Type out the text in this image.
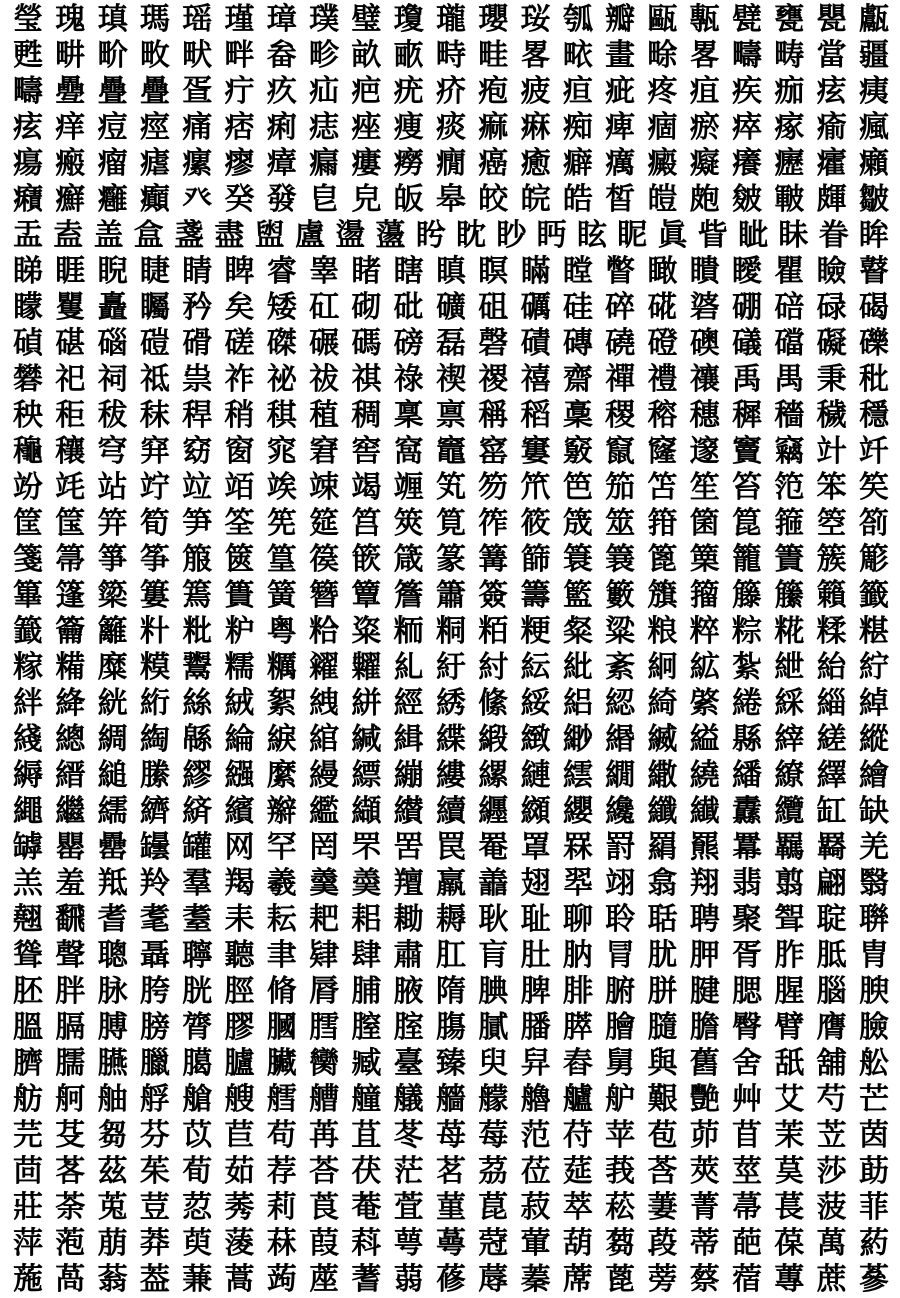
瑩 瑰 瑱 瑪 瑶 瑾 璋 璞 璧 瓊 瓏 瓔 珱 瓠 瓣 甌 甎 甓 甕 甖 甗
甦 畊 畍 畋 畎 畔 畚 畛 畝 畞 畤 畦 畧 畩 畫 畭 畧 疇 畴 當 疆
疇 疉 疊 疊 疍 疔 疚 疝 疤 疣 疥 疱 疲 疸 疵 疼 疽 疾 痂 痃 痍
痃 痒 痘 痙 痛 痞 痢 痣 痤 痩 痰 痲 痳 痴 痺 痼 瘀 瘁 瘃 瘉 瘋
瘍 瘢 瘤 瘧 瘰 瘳 瘴 瘺 瘻 癆 癇 癌 癒 癖 癘 癜 癡 癢 癧 癨 癩
癪 癬 癰 癲 癶 癸 發 皀 皃 皈 皋 皎 皖 皓 皙 皚 皰 皴 皸 皹 皺
盂 盍 盖 盒 盞 盡 盥 盧 盪 蘯 盻 眈 眇 眄 眩 眤 眞 眥 眦 眛 眷 眸
睇 睚 睨 睫 睛 睥 睿 睾 睹 瞎 瞋 瞑 瞞 瞠 瞥 瞰 瞶 瞹 瞿 瞼 瞽
矇 矍 矗 矚 矜 矣 矮 矼 砌 砒 礦 砠 礪 硅 碎 硴 碆 硼 碚 碌 碣
碵 碪 碯 磑 磆 磋 磔 碾 碼 磅 磊 磬 磧 磚 磽 磴 礇 礒 礑 礙 礫
礬 祀 祠 祗 祟 祚 祕 祓 祺 祿 禊 禝 禧 齋 禪 禮 禳 禹 禺 秉 秕
秧 秬 秡 秣 稈 稍 稘 稙 稠 稟 禀 稱 稻 稾 稷 穃 穗 穉 穡 穢 穩
龝 穰 穹 穽 窈 窗 窕 窘 窖 窩 竈 窰 窶 竅 竄 窿 邃 竇 竊 竍 竏
竕 竓 站 竚 竝 竡 竢 竦 竭 竰 笂 笏 笊 笆 笳 笘 笙 笞 笵 笨 笶
筐 筺 笄 筍 笋 筌 筅 筵 筥 筴 筧 筰 筱 筬 筮 箝 箘 箟 箍 箜 箚
箋 箒 箏 筝 箙 篋 篁 篌 篏 箴 篆 篝 篩 簑 簔 篦 篥 籠 簀 簇 簓
篳 篷 簗 簍 篶 簣 簧 簪 簟 簷 簫 簽 籌 籃 籔 籏 籀 籐 籘 籟 籤
籖 籥 籬 籵 粃 粐 粤 粭 粢 粫 粡 粨 粳 粲 粱 粮 粹 粽 糀 糅 糂
糘 糒 糜 糢 鬻 糯 糲 糴 糶 糺 紆 紂 紜 紕 紊 絅 絋 紮 紲 紿 紵
絆 絳 絖 絎 絲 絨 絮 絏 絣 經 綉 絛 綏 絽 綛 綺 綮 綣 綵 緇 綽
綫 總 綢 綯 緜 綸 綟 綰 緘 緝 緤 緞 緻 緲 緡 縅 縊 縣 縡 縒 縱
縟 縉 縋 縢 繆 繦 縻 縵 縹 繃 縷 縲 縺 繧 繝 繖 繞 繙 繚 繹 繪
繩 繼 繻 纃 緕 繽 辮 繿 纈 纉 續 纒 纐 纓 纔 纖 纎 纛 纜 缸 缺
罅 罌 罍 罎 罐 网 罕 罔 罘 罟 罠 罨 罩 罧 罸 羂 羆 羃 羈 羇 羌
羔 羞 羝 羚 羣 羯 羲 羹 羮 羶 羸 譱 翅 翆 翊 翕 翔 翡 翦 翩 翳
翹 飜 耆 耄 耋 耒 耘 耙 耜 耡 耨 耿 耻 聊 聆 聒 聘 聚 聟 聢 聨
聳 聲 聰 聶 聹 聽 聿 肄 肆 肅 肛 肓 肚 肭 冐 肬 胛 胥 胙 胝 胄
胚 胖 脉 胯 胱 脛 脩 脣 脯 腋 隋 腆 脾 腓 腑 胼 腱 腮 腥 腦 腴
膃 膈 膊 膀 膂 膠 膕 膤 膣 腟 膓 膩 膰 膵 膾 膸 膽 臀 臂 膺 臉
臍 臑 臙 臘 臈 臚 臟 臠 臧 臺 臻 臾 舁 舂 舅 與 舊 舍 舐 舖 舩
舫 舸 舳 艀 艙 艘 艝 艚 艟 艤 艢 艨 艪 艫 舮 艱 艷 艸 艾 芍 芒
芫 芟 芻 芬 苡 苣 苟 苒 苴 苳 苺 莓 范 苻 苹 苞 茆 苜 茉 苙 茵
茴 茖 茲 茱 荀 茹 荐 荅 茯 茫 茗 茘 莅 莚 莪 莟 莢 莖 茣 莎 莇
莊 荼 莵 荳 荵 莠 莉 莨 菴 萓 菫 菎 菽 萃 菘 萋 菁 菷 萇 菠 菲
萍 萢 萠 莽 萸 蔆 菻 葭 萪 萼 蕚 蒄 葷 葫 蒭 葮 蒂 葩 葆 萬 葯
葹 萵 蓊 葢 蒹 蒿 蒟 蓙 蓍 蒻 蓚 蓐 蓁 蓆 蓖 蒡 蔡 蓿 蓴 蔗 蔘
